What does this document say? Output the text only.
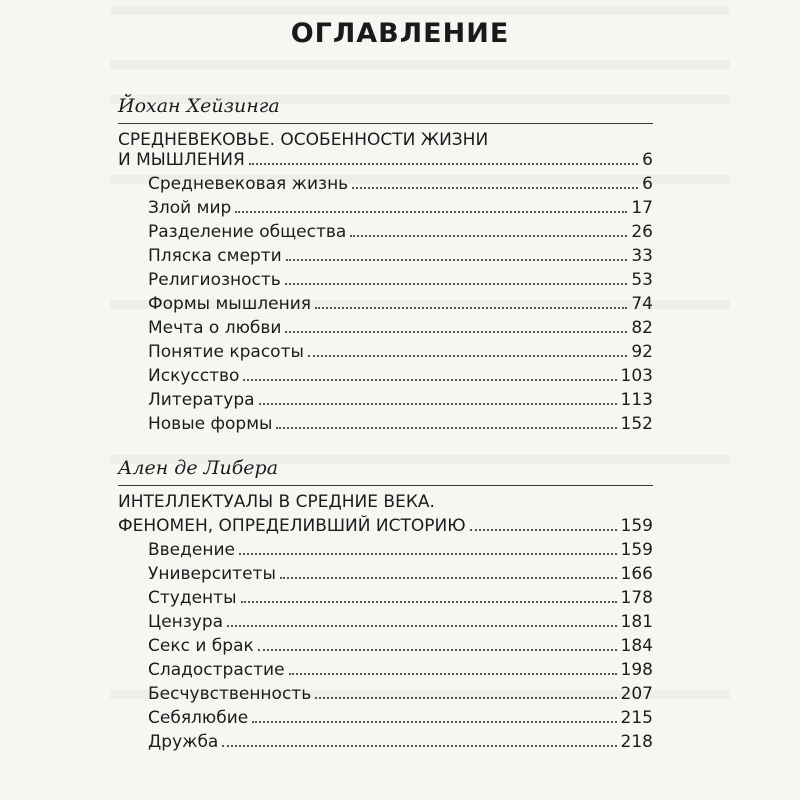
ОГЛАВЛЕНИЕ
Йохан Хейзинга
СРЕДНЕВЕКОВЬЕ. ОСОБЕННОСТИ ЖИЗНИ
И МЫШЛЕНИЯ	6
Средневековая жизнь	6
Злой мир	17
Разделение общества	26
Пляска смерти	33
Религиозность	53
Формы мышления	74
Мечта о любви	82
Понятие красоты	92
Искусство	103
Литература	113
Новые формы	152
Ален де Либера
ИНТЕЛЛЕКТУАЛЫ В СРЕДНИЕ ВЕКА.
ФЕНОМЕН, ОПРЕДЕЛИВШИЙ ИСТОРИЮ	159
Введение	159
Университеты	166
Студенты	178
Цензура	181
Секс и брак	184
Сладострастие	198
Бесчувственность	207
Себялюбие	215
Дружба	218
